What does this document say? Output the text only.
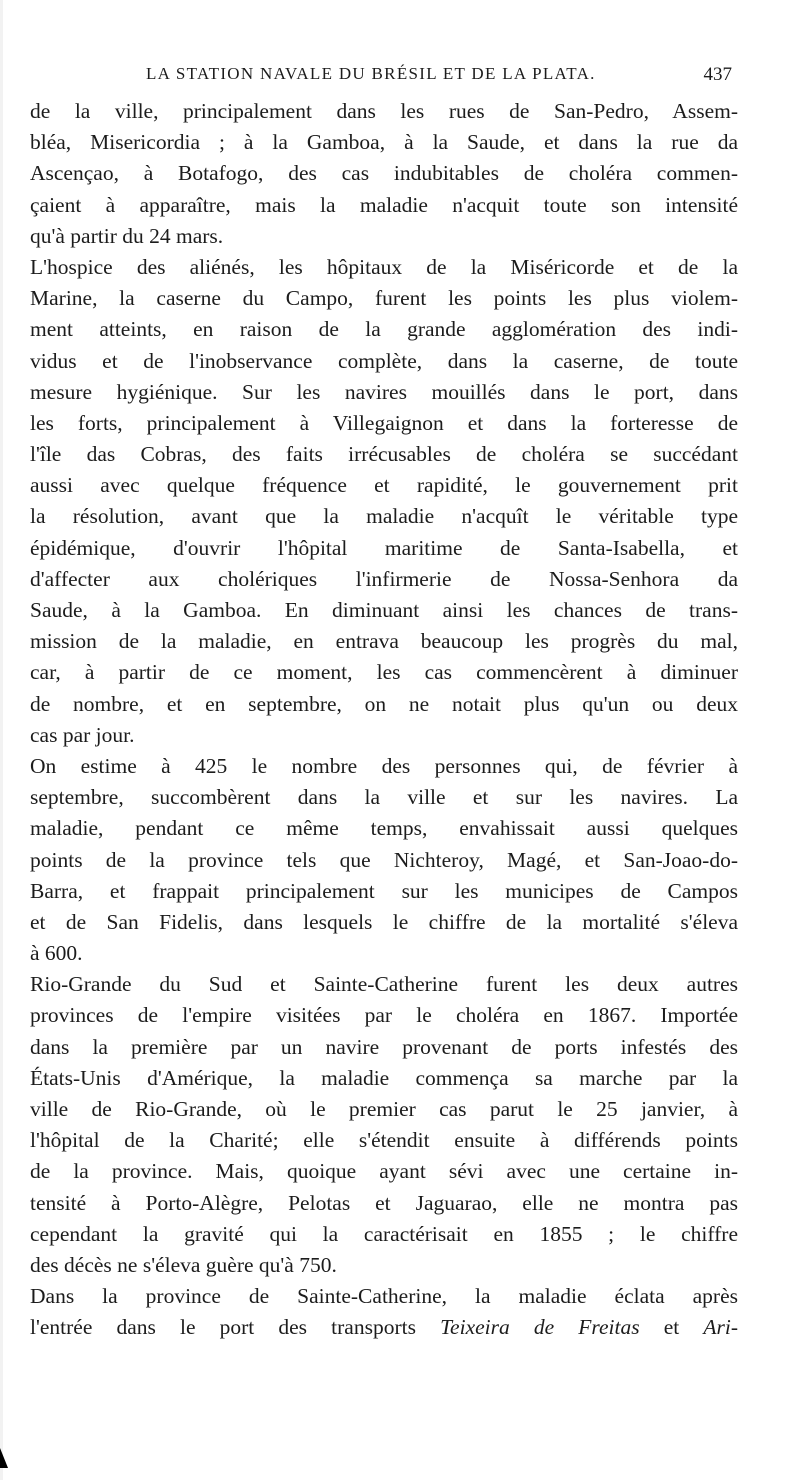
LA STATION NAVALE DU BRÉSIL ET DE LA PLATA.	437
de la ville, principalement dans les rues de San-Pedro, Assem-
bléa, Misericordia ; à la Gamboa, à la Saude, et dans la rue da
Ascençao, à Botafogo, des cas indubitables de choléra commen-
çaient à apparaître, mais la maladie n'acquit toute son intensité
qu'à partir du 24 mars.
L'hospice des aliénés, les hôpitaux de la Miséricorde et de la
Marine, la caserne du Campo, furent les points les plus violem-
ment atteints, en raison de la grande agglomération des indi-
vidus et de l'inobservance complète, dans la caserne, de toute
mesure hygiénique. Sur les navires mouillés dans le port, dans
les forts, principalement à Villegaignon et dans la forteresse de
l'île das Cobras, des faits irrécusables de choléra se succédant
aussi avec quelque fréquence et rapidité, le gouvernement prit
la résolution, avant que la maladie n'acquît le véritable type
épidémique, d'ouvrir l'hôpital maritime de Santa-Isabella, et
d'affecter aux cholériques l'infirmerie de Nossa-Senhora da
Saude, à la Gamboa. En diminuant ainsi les chances de trans-
mission de la maladie, en entrava beaucoup les progrès du mal,
car, à partir de ce moment, les cas commencèrent à diminuer
de nombre, et en septembre, on ne notait plus qu'un ou deux
cas par jour.
On estime à 425 le nombre des personnes qui, de février à
septembre, succombèrent dans la ville et sur les navires. La
maladie, pendant ce même temps, envahissait aussi quelques
points de la province tels que Nichteroy, Magé, et San-Joao-do-
Barra, et frappait principalement sur les municipes de Campos
et de San Fidelis, dans lesquels le chiffre de la mortalité s'éleva
à 600.
Rio-Grande du Sud et Sainte-Catherine furent les deux autres
provinces de l'empire visitées par le choléra en 1867. Importée
dans la première par un navire provenant de ports infestés des
États-Unis d'Amérique, la maladie commença sa marche par la
ville de Rio-Grande, où le premier cas parut le 25 janvier, à
l'hôpital de la Charité; elle s'étendit ensuite à différends points
de la province. Mais, quoique ayant sévi avec une certaine in-
tensité à Porto-Alègre, Pelotas et Jaguarao, elle ne montra pas
cependant la gravité qui la caractérisait en 1855 ; le chiffre
des décès ne s'éleva guère qu'à 750.
Dans la province de Sainte-Catherine, la maladie éclata après
l'entrée dans le port des transports Teixeira de Freitas et Ari-
